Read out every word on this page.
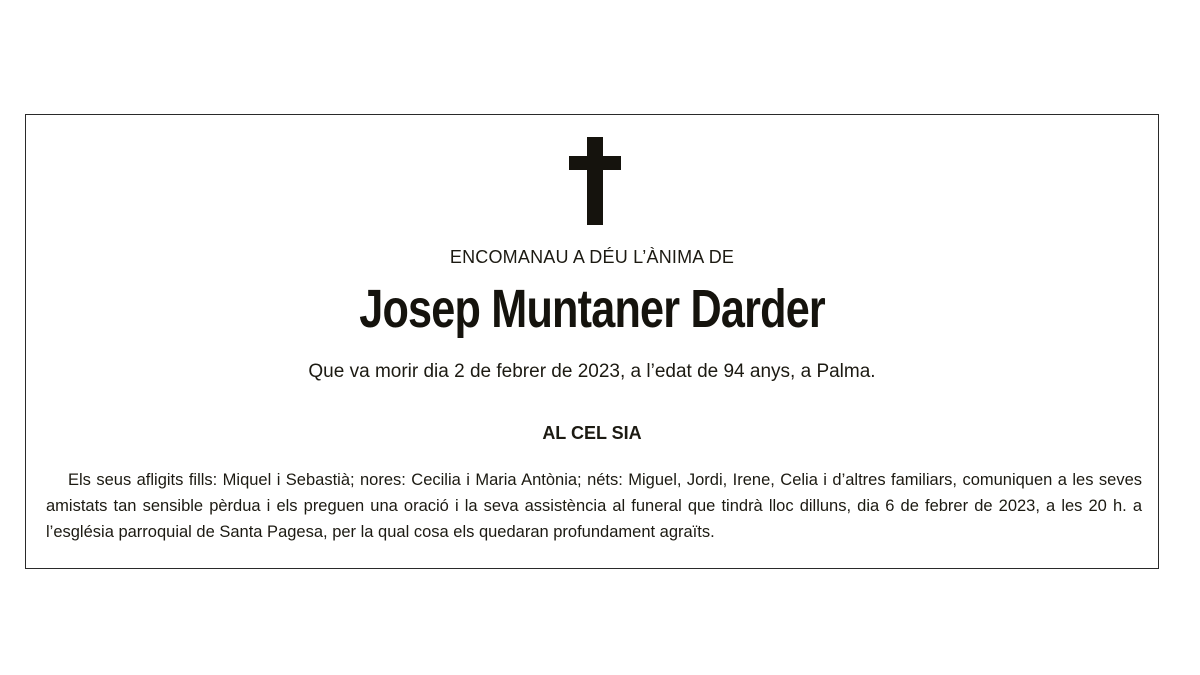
ENCOMANAU A DÉU L’ÀNIMA DE
Josep Muntaner Darder
Que va morir dia 2 de febrer de 2023, a l’edat de 94 anys, a Palma.
AL CEL SIA
Els seus afligits fills: Miquel i Sebastià; nores: Cecilia i Maria Antònia; néts: Miguel, Jordi, Irene, Celia i d’altres familiars, comuniquen a les seves amistats tan sensible pèrdua i els preguen una oració i la seva assistència al funeral que tindrà lloc dilluns, dia 6 de febrer de 2023, a les 20 h. a l’església parroquial de Santa Pagesa, per la qual cosa els quedaran profundament agraïts.
